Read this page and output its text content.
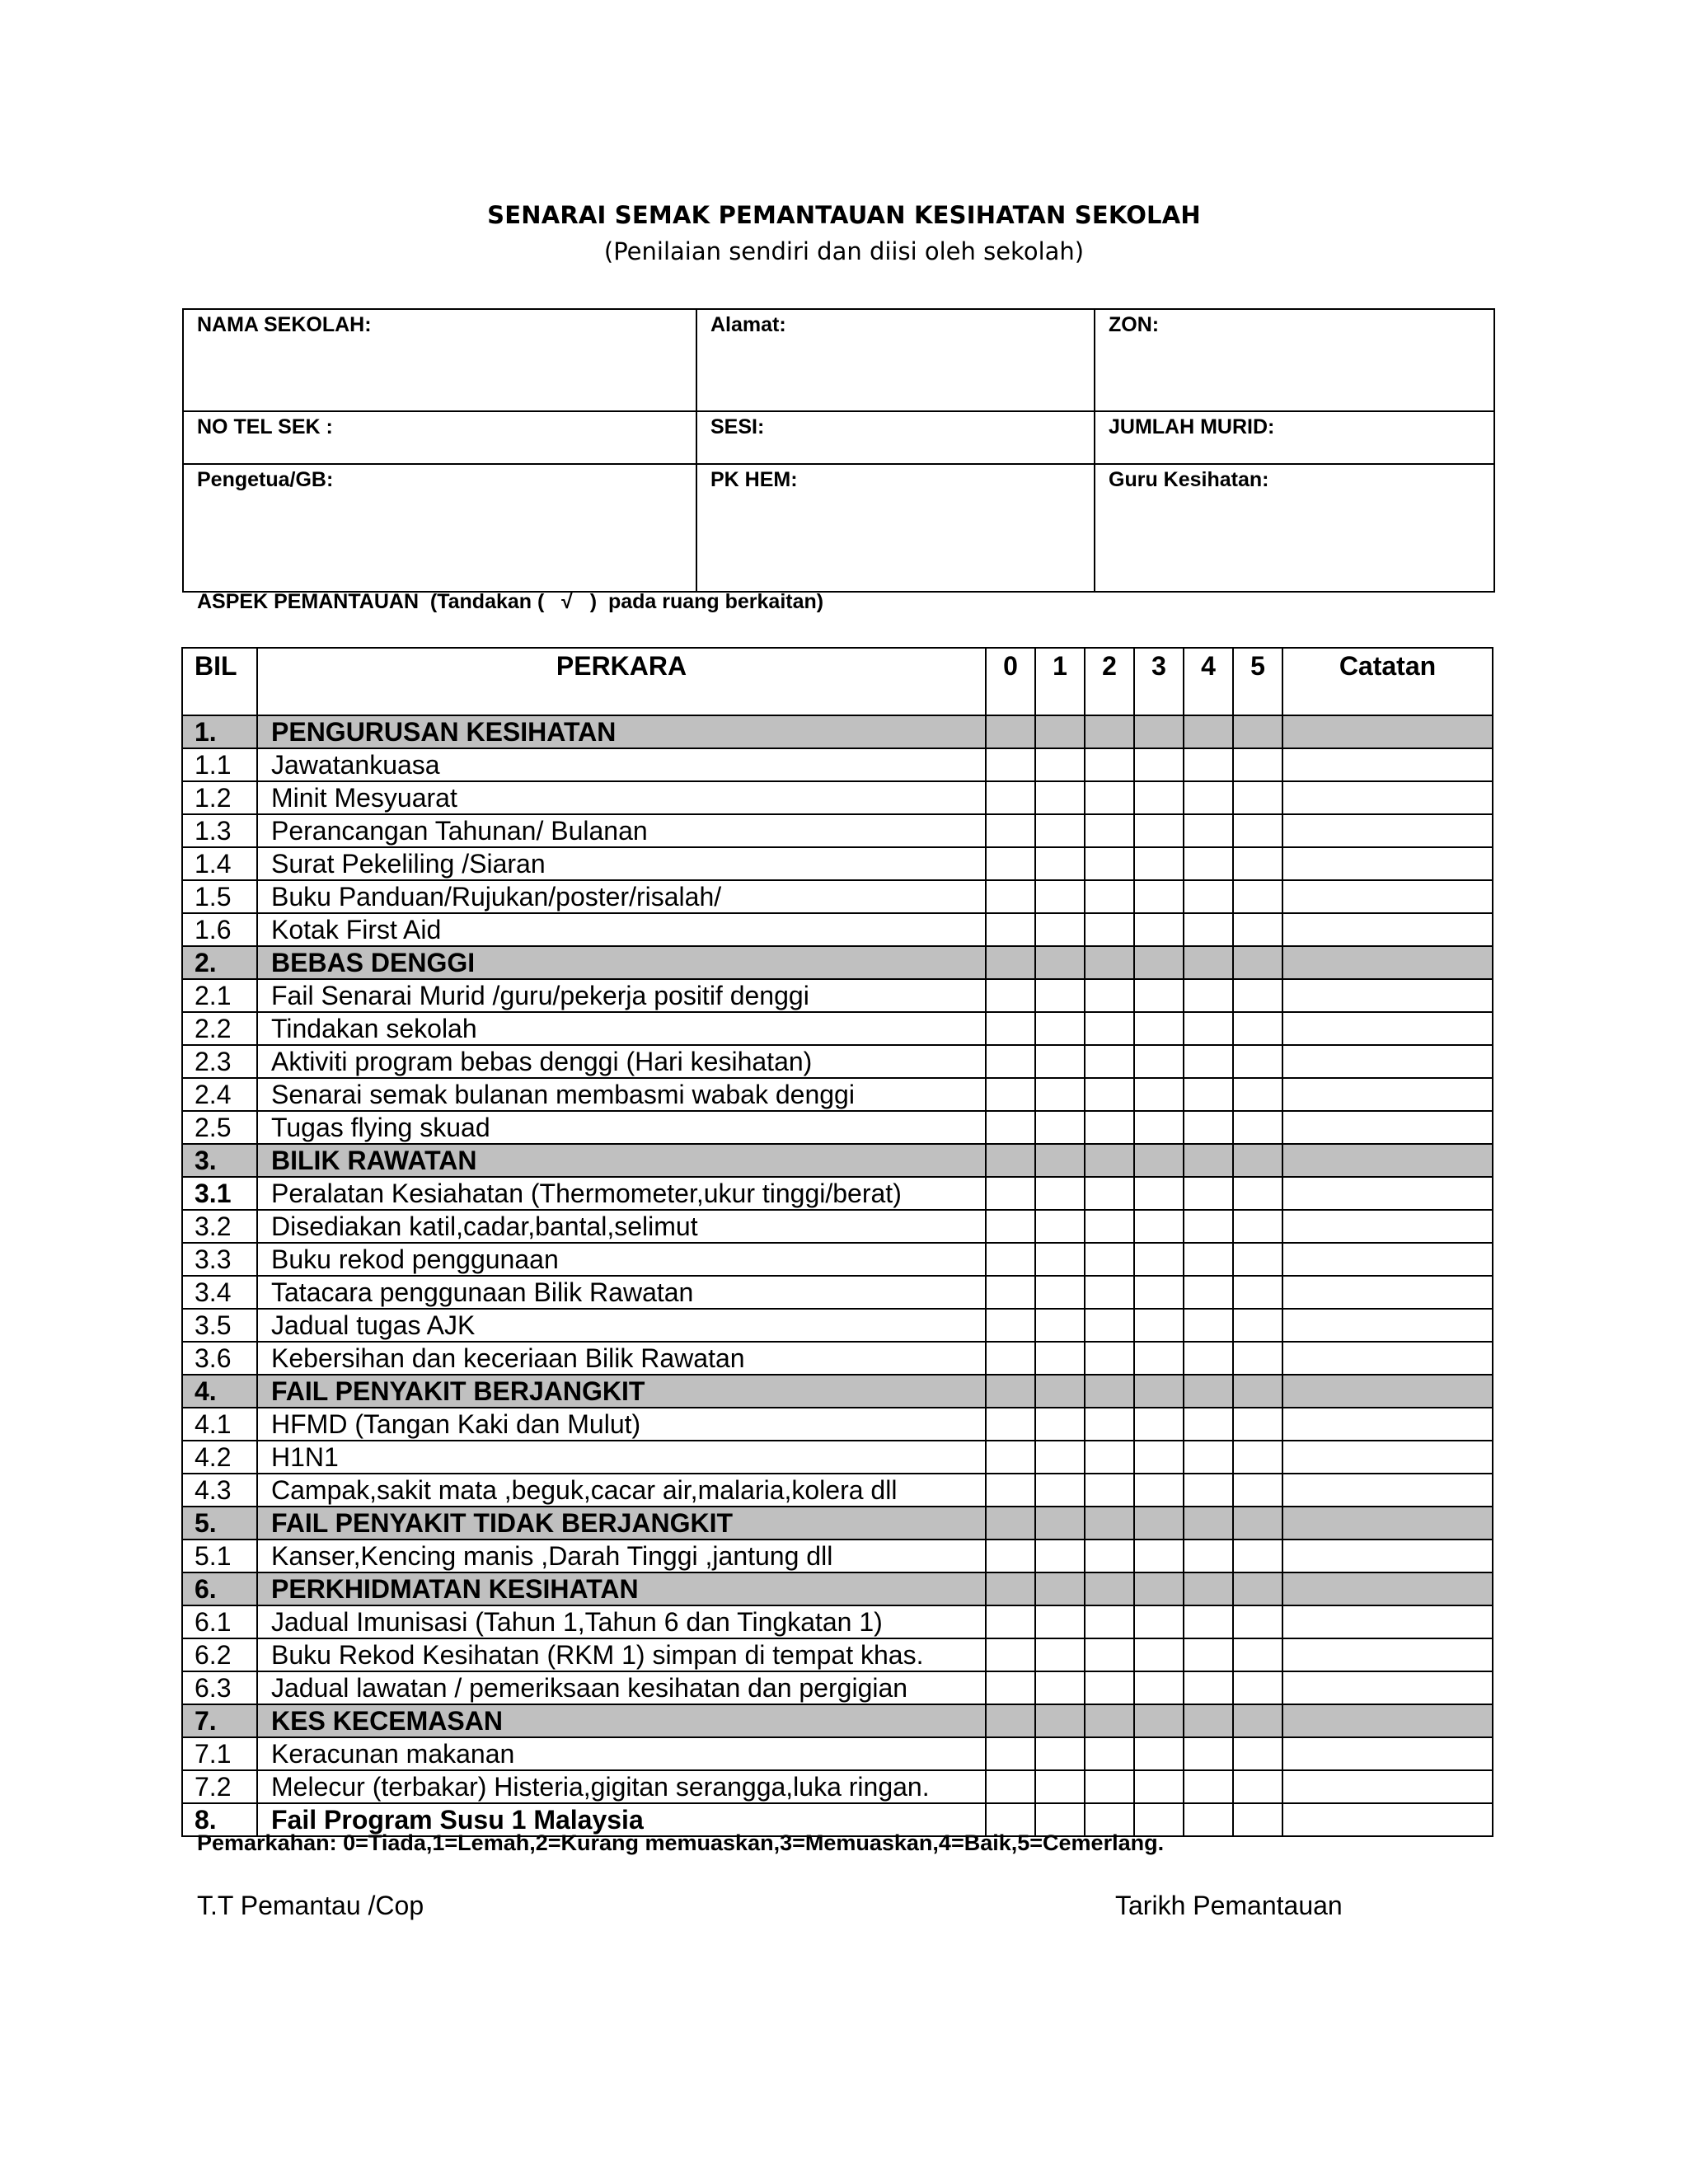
SENARAI SEMAK PEMANTAUAN KESIHATAN SEKOLAH
(Penilaian sendiri dan diisi oleh sekolah)
NAMA SEKOLAH:	Alamat:	ZON:
NO TEL SEK :	SESI:	JUMLAH MURID:
Pengetua/GB:	PK HEM:	Guru Kesihatan:
ASPEK PEMANTAUAN  (Tandakan (   √   )  pada ruang berkaitan)
BIL	PERKARA	0	1	2	3	4	5	Catatan
1.	PENGURUSAN KESIHATAN							
1.1	Jawatankuasa							
1.2	Minit Mesyuarat							
1.3	Perancangan Tahunan/ Bulanan							
1.4	Surat Pekeliling /Siaran							
1.5	Buku Panduan/Rujukan/poster/risalah/							
1.6	Kotak First Aid							
2.	BEBAS DENGGI							
2.1	Fail Senarai Murid /guru/pekerja positif denggi							
2.2	Tindakan sekolah							
2.3	Aktiviti program bebas denggi (Hari kesihatan)							
2.4	Senarai semak bulanan membasmi wabak denggi							
2.5	Tugas flying skuad							
3.	BILIK RAWATAN							
3.1	Peralatan Kesiahatan (Thermometer,ukur tinggi/berat)							
3.2	Disediakan katil,cadar,bantal,selimut							
3.3	Buku rekod penggunaan							
3.4	Tatacara penggunaan Bilik Rawatan							
3.5	Jadual tugas AJK							
3.6	Kebersihan dan keceriaan Bilik Rawatan							
4.	FAIL PENYAKIT BERJANGKIT							
4.1	HFMD (Tangan Kaki dan Mulut)							
4.2	H1N1							
4.3	Campak,sakit mata ,beguk,cacar air,malaria,kolera dll							
5.	FAIL PENYAKIT TIDAK BERJANGKIT							
5.1	Kanser,Kencing manis ,Darah Tinggi ,jantung dll							
6.	PERKHIDMATAN KESIHATAN							
6.1	Jadual Imunisasi (Tahun 1,Tahun 6 dan Tingkatan 1)							
6.2	Buku Rekod Kesihatan (RKM 1) simpan di tempat khas.							
6.3	Jadual lawatan / pemeriksaan kesihatan dan pergigian							
7.	KES KECEMASAN							
7.1	Keracunan makanan							
7.2	Melecur (terbakar) Histeria,gigitan serangga,luka ringan.							
8.	Fail Program Susu 1 Malaysia							
Pemarkahan: 0=Tiada,1=Lemah,2=Kurang memuaskan,3=Memuaskan,4=Baik,5=Cemerlang.
T.T Pemantau /Cop	Tarikh Pemantauan
